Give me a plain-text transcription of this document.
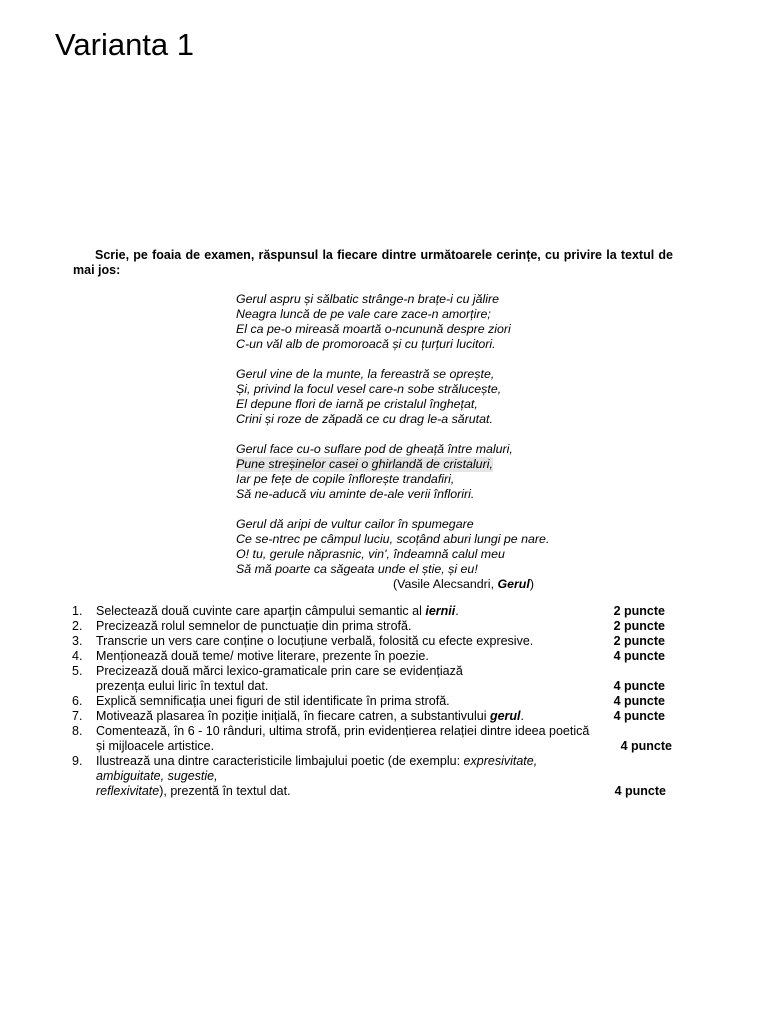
Varianta 1

Scrie, pe foaia de examen, răspunsul la fiecare dintre următoarele cerințe, cu privire la textul de mai jos:

Gerul aspru și sălbatic strânge-n brațe-i cu jălire
Neagra luncă de pe vale care zace-n amorțire;
El ca pe-o mireasă moartă o-ncunună despre ziori
C-un văl alb de promoroacă și cu țurțuri lucitori.
Gerul vine de la munte, la fereastră se oprește,
Și, privind la focul vesel care-n sobe strălucește,
El depune flori de iarnă pe cristalul înghețat,
Crini și roze de zăpadă ce cu drag le-a sărutat.
Gerul face cu-o suflare pod de gheață între maluri,
Pune streșinelor casei o ghirlandă de cristaluri,
Iar pe fețe de copile înflorește trandafiri,
Să ne-aducă viu aminte de-ale verii înfloriri.
Gerul dă aripi de vultur cailor în spumegare
Ce se-ntrec pe câmpul luciu, scoțând aburi lungi pe nare.
O! tu, gerule năprasnic, vin', îndeamnă calul meu
Să mă poarte ca săgeata unde el știe, și eu!
(Vasile Alecsandri, Gerul)
1.	Selectează două cuvinte care aparțin câmpului semantic al iernii.	2 puncte
2.	Precizează rolul semnelor de punctuație din prima strofă.	2 puncte
3.	Transcrie un vers care conține o locuțiune verbală, folosită cu efecte expresive.	2 puncte
4.	Menționează două teme/ motive literare, prezente în poezie.	4 puncte
5.	Precizează două mărci lexico-gramaticale prin care se evidențiază
prezența eului liric în textul dat.	4 puncte
6.	Explică semnificația unei figuri de stil identificate în prima strofă.	4 puncte
7.	Motivează plasarea în poziție inițială, în fiecare catren, a substantivului gerul.	4 puncte
8.	Comentează, în 6 - 10 rânduri, ultima strofă, prin evidențierea relației dintre ideea poetică
și mijloacele artistice.	4 puncte
9.	Ilustrează una dintre caracteristicile limbajului poetic (de exemplu: expresivitate, ambiguitate, sugestie,
reflexivitate), prezentă în textul dat.	4 puncte
